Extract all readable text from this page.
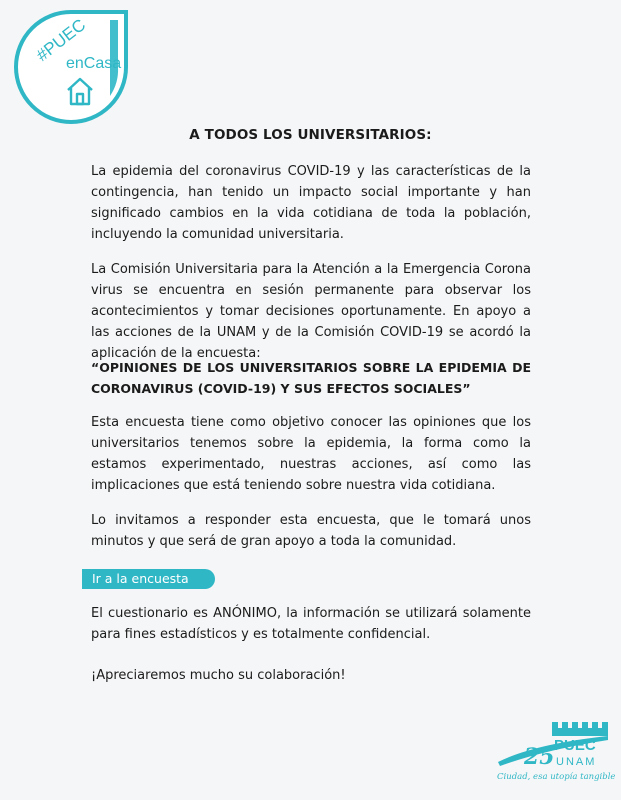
#PUEC
enCasa
A TODOS LOS UNIVERSITARIOS:

La epidemia del coronavirus COVID-19 y las características de la contingencia, han tenido un impacto social importante y han significado cambios en la vida cotidiana de toda la población, incluyendo la comunidad universitaria.

La Comisión Universitaria para la Atención a la Emergencia Corona virus se encuentra en sesión permanente para observar los acontecimientos y tomar decisiones oportunamente. En apoyo a las acciones de la UNAM y de la Comisión COVID-19 se acordó la aplicación de la encuesta:

“OPINIONES DE LOS UNIVERSITARIOS SOBRE LA EPIDEMIA DE CORONAVIRUS (COVID-19) Y SUS EFECTOS SOCIALES”

Esta encuesta tiene como objetivo conocer las opiniones que los universitarios tenemos sobre la epidemia, la forma como la estamos experimentado, nuestras acciones, así como las implicaciones que está teniendo sobre nuestra vida cotidiana.

Lo invitamos a responder esta encuesta, que le tomará unos minutos y que será de gran apoyo a toda la comunidad.

Ir a la encuesta

El cuestionario es ANÓNIMO, la información se utilizará solamente para fines estadísticos y es totalmente confidencial.

¡Apreciaremos mucho su colaboración!

25 PUEC
UNAM
Ciudad, esa utopía tangible
